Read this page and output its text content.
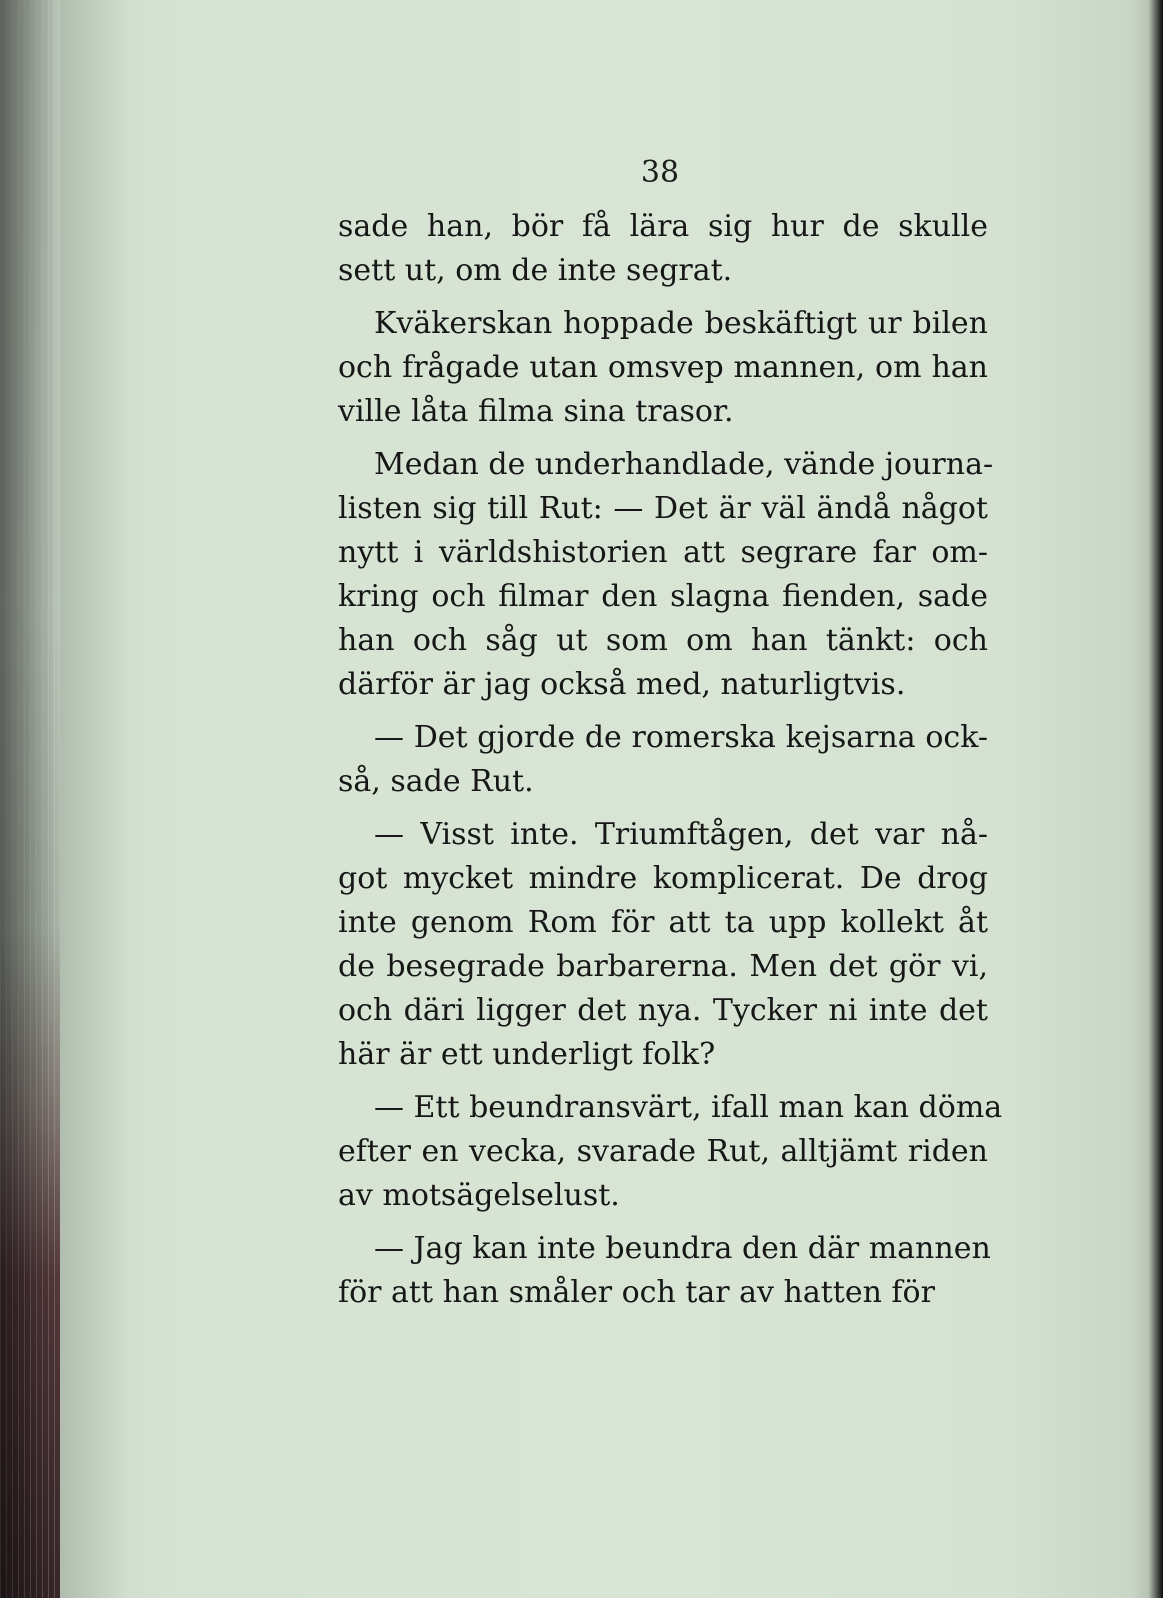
38
sade han, bör få lära sig hur de skulle
sett ut, om de inte segrat.
Kväkerskan hoppade beskäftigt ur bilen
och frågade utan omsvep mannen, om han
ville låta filma sina trasor.
Medan de underhandlade, vände journa-
listen sig till Rut: — Det är väl ändå något
nytt i världshistorien att segrare far om-
kring och filmar den slagna fienden, sade
han och såg ut som om han tänkt: och
därför är jag också med, naturligtvis.
— Det gjorde de romerska kejsarna ock-
så, sade Rut.
— Visst inte. Triumftågen, det var nå-
got mycket mindre komplicerat. De drog
inte genom Rom för att ta upp kollekt åt
de besegrade barbarerna. Men det gör vi,
och däri ligger det nya. Tycker ni inte det
här är ett underligt folk?
— Ett beundransvärt, ifall man kan döma
efter en vecka, svarade Rut, alltjämt riden
av motsägelselust.
— Jag kan inte beundra den där mannen
för att han småler och tar av hatten för
